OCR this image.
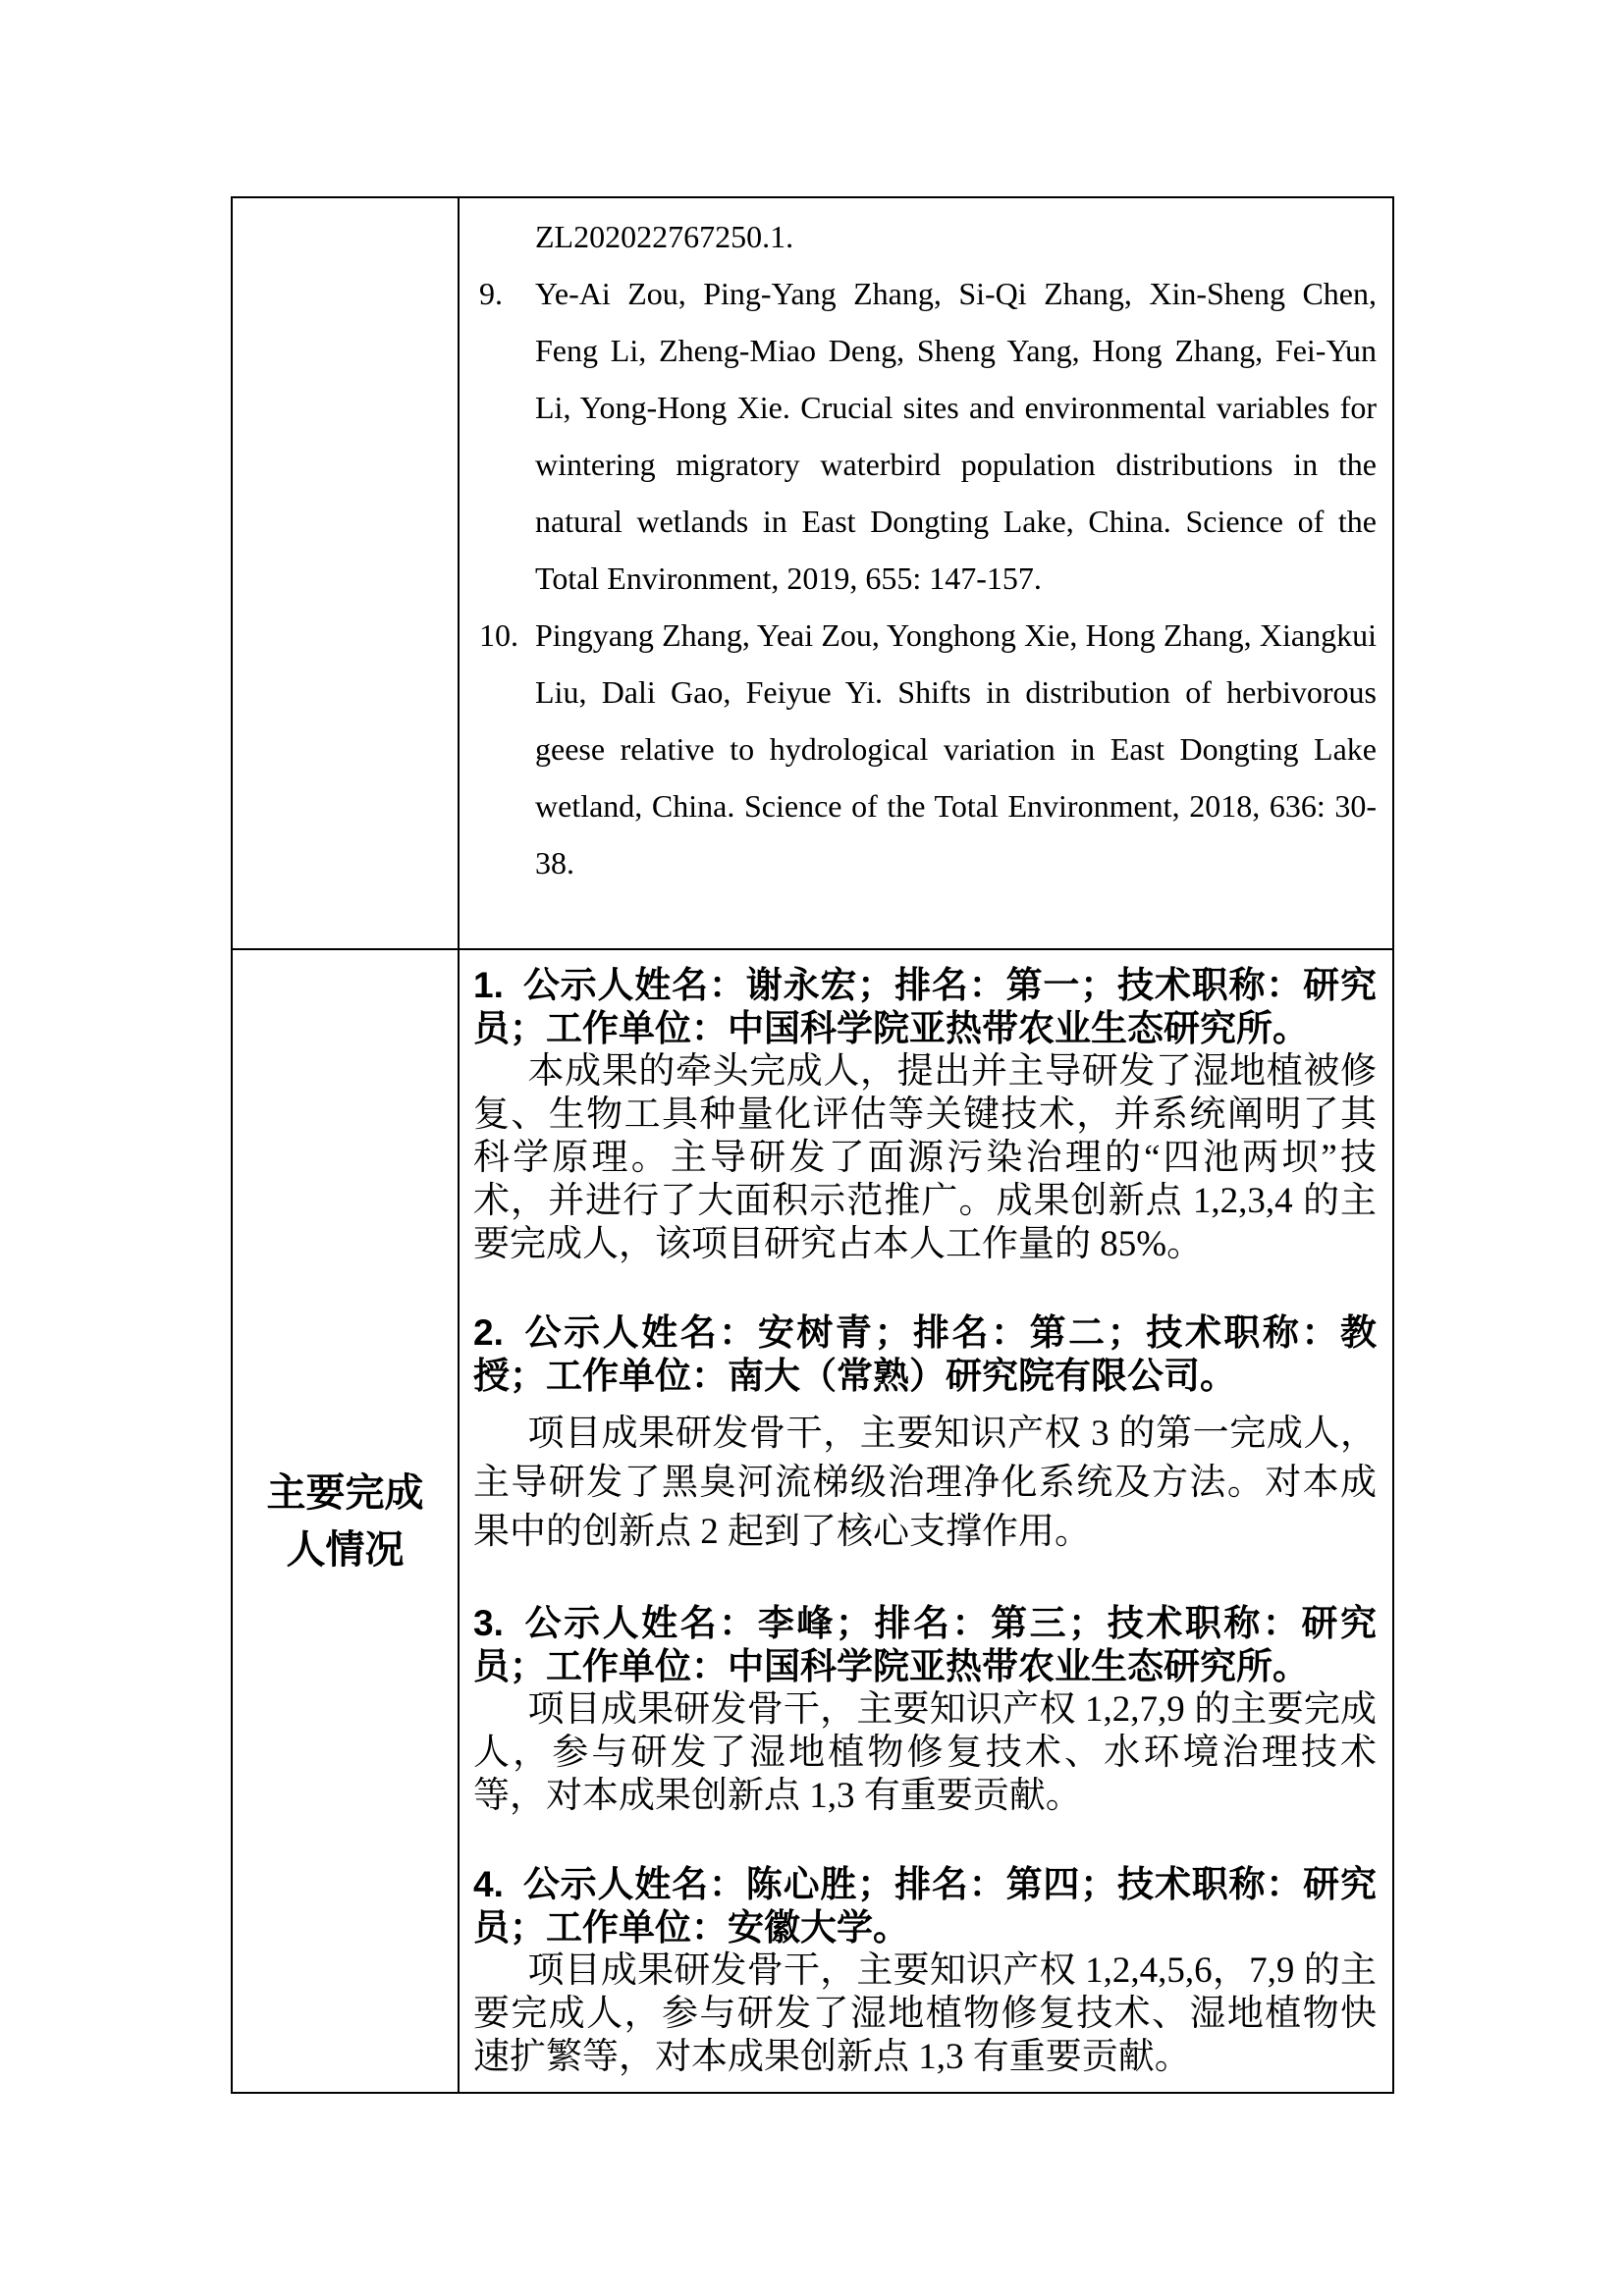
	ZL202022767250.1.
9. Ye-Ai Zou, Ping-Yang Zhang, Si-Qi Zhang, Xin-Sheng Chen, Feng Li, Zheng-Miao Deng, Sheng Yang, Hong Zhang, Fei-Yun Li, Yong-Hong Xie. Crucial sites and environmental variables for wintering migratory waterbird population distributions in the natural wetlands in East Dongting Lake, China. Science of the Total Environment, 2019, 655: 147-157.
10. Pingyang Zhang, Yeai Zou, Yonghong Xie, Hong Zhang, Xiangkui Liu, Dali Gao, Feiyue Yi. Shifts in distribution of herbivorous geese relative to hydrological variation in East Dongting Lake wetland, China. Science of the Total Environment, 2018, 636: 30-38.

主要完成
人情况

1. 公示人姓名：谢永宏；排名：第一；技术职称：研究员；工作单位：中国科学院亚热带农业生态研究所。
本成果的牵头完成人，提出并主导研发了湿地植被修复、生物工具种量化评估等关键技术，并系统阐明了其科学原理。主导研发了面源污染治理的“四池两坝”技术，并进行了大面积示范推广。成果创新点 1,2,3,4 的主要完成人，该项目研究占本人工作量的 85%。
2. 公示人姓名：安树青；排名：第二；技术职称：教授；工作单位：南大（常熟）研究院有限公司。
项目成果研发骨干，主要知识产权 3 的第一完成人，主导研发了黑臭河流梯级治理净化系统及方法。对本成果中的创新点 2 起到了核心支撑作用。
3. 公示人姓名：李峰；排名：第三；技术职称：研究员；工作单位：中国科学院亚热带农业生态研究所。
项目成果研发骨干，主要知识产权 1,2,7,9 的主要完成人，参与研发了湿地植物修复技术、水环境治理技术等，对本成果创新点 1,3 有重要贡献。
4. 公示人姓名：陈心胜；排名：第四；技术职称：研究员；工作单位：安徽大学。
项目成果研发骨干，主要知识产权 1,2,4,5,6，7,9 的主要完成人，参与研发了湿地植物修复技术、湿地植物快速扩繁等，对本成果创新点 1,3 有重要贡献。
